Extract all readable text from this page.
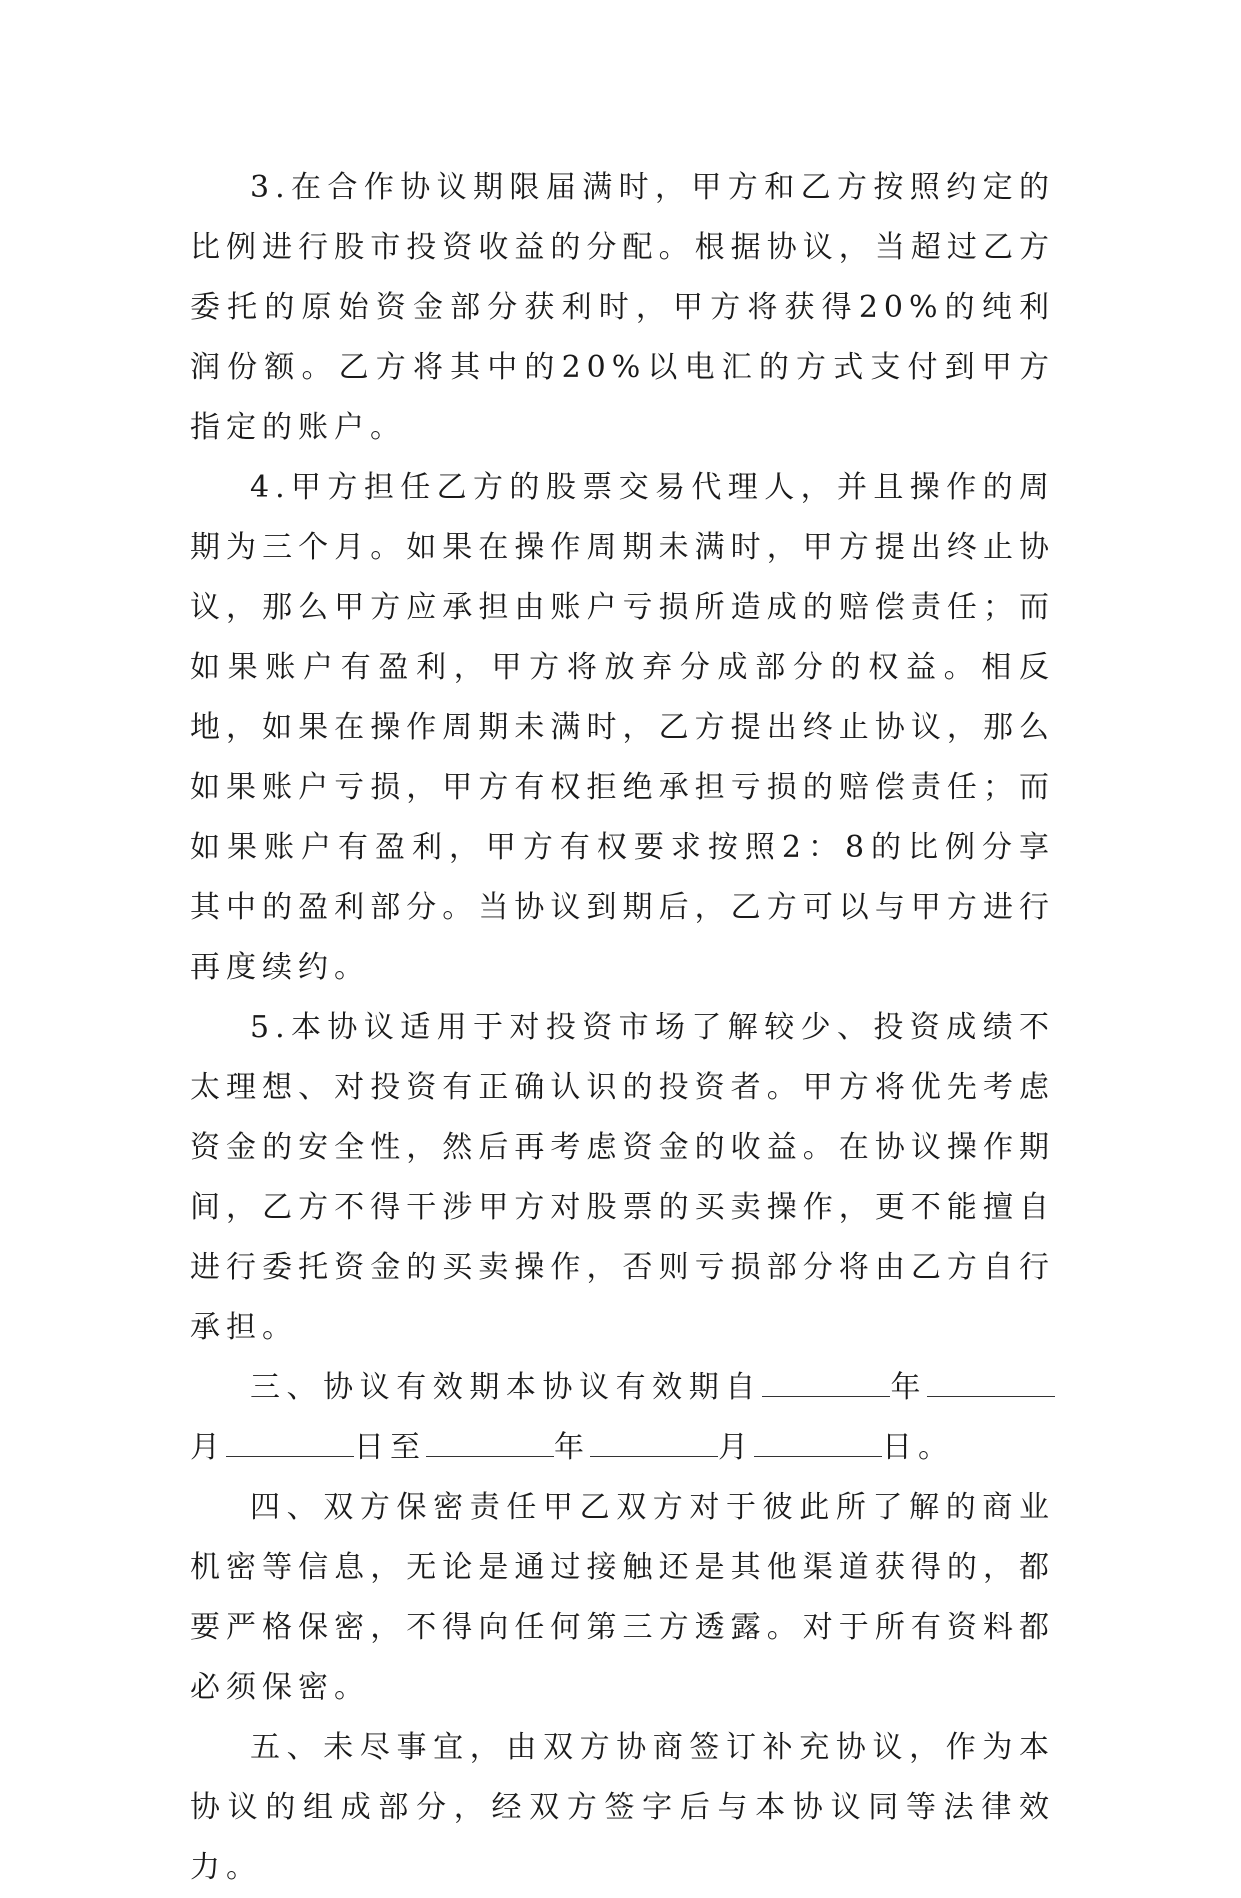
3.在合作协议期限届满时，甲方和乙方按照约定的比例进行股市投资收益的分配。根据协议，当超过乙方委托的原始资金部分获利时，甲方将获得20%的纯利润份额。乙方将其中的20%以电汇的方式支付到甲方指定的账户。

4.甲方担任乙方的股票交易代理人，并且操作的周期为三个月。如果在操作周期未满时，甲方提出终止协议，那么甲方应承担由账户亏损所造成的赔偿责任；而如果账户有盈利，甲方将放弃分成部分的权益。相反地，如果在操作周期未满时，乙方提出终止协议，那么如果账户亏损，甲方有权拒绝承担亏损的赔偿责任；而如果账户有盈利，甲方有权要求按照2：8的比例分享其中的盈利部分。当协议到期后，乙方可以与甲方进行再度续约。

5.本协议适用于对投资市场了解较少、投资成绩不太理想、对投资有正确认识的投资者。甲方将优先考虑资金的安全性，然后再考虑资金的收益。在协议操作期间，乙方不得干涉甲方对股票的买卖操作，更不能擅自进行委托资金的买卖操作，否则亏损部分将由乙方自行承担。

三、协议有效期本协议有效期自	年月	日至	年	月	日。

四、双方保密责任甲乙双方对于彼此所了解的商业机密等信息，无论是通过接触还是其他渠道获得的，都要严格保密，不得向任何第三方透露。对于所有资料都必须保密。

五、未尽事宜，由双方协商签订补充协议，作为本协议的组成部分，经双方签字后与本协议同等法律效力。
